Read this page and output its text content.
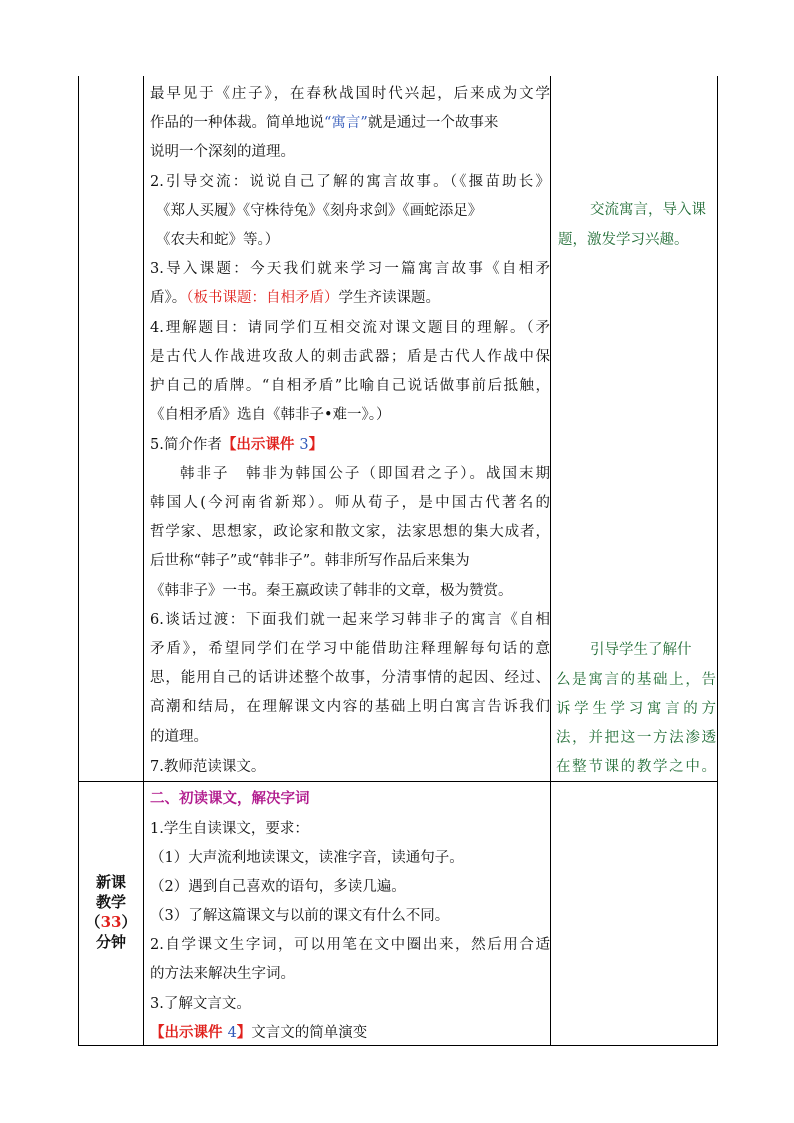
新课
教学
（33）
分钟
最早见于《庄子》，在春秋战国时代兴起，后来成为文学
作品的一种体裁。简单地说“寓言”就是通过一个故事来
说明一个深刻的道理。
2.引导交流：说说自己了解的寓言故事。（《揠苗助长》
《郑人买履》《守株待兔》《刻舟求剑》《画蛇添足》
《农夫和蛇》等。）
3.导入课题：今天我们就来学习一篇寓言故事《自相矛
盾》。（板书课题：自相矛盾）学生齐读课题。
4.理解题目：请同学们互相交流对课文题目的理解。（矛
是古代人作战进攻敌人的刺击武器；盾是古代人作战中保
护自己的盾牌。“自相矛盾”比喻自己说话做事前后抵触，
《自相矛盾》选自《韩非子•难一》。）
5.简介作者【出示课件 3】
韩非子　韩非为韩国公子（即国君之子）。战国末期
韩国人(今河南省新郑）。师从荀子，是中国古代著名的
哲学家、思想家，政论家和散文家，法家思想的集大成者，
后世称“韩子”或“韩非子”。韩非所写作品后来集为
《韩非子》一书。秦王嬴政读了韩非的文章，极为赞赏。
6.谈话过渡：下面我们就一起来学习韩非子的寓言《自相
矛盾》，希望同学们在学习中能借助注释理解每句话的意
思，能用自己的话讲述整个故事，分清事情的起因、经过、
高潮和结局，在理解课文内容的基础上明白寓言告诉我们
的道理。
7.教师范读课文。
交流寓言，导入课
题，激发学习兴趣。
引导学生了解什
么是寓言的基础上，告
诉学生学习寓言的方
法，并把这一方法渗透
在整节课的教学之中。
二、初读课文，解决字词
1.学生自读课文，要求：
（1）大声流利地读课文，读准字音，读通句子。
（2）遇到自己喜欢的语句，多读几遍。
（3）了解这篇课文与以前的课文有什么不同。
2.自学课文生字词，可以用笔在文中圈出来，然后用合适
的方法来解决生字词。
3.了解文言文。
【出示课件 4】文言文的简单演变
